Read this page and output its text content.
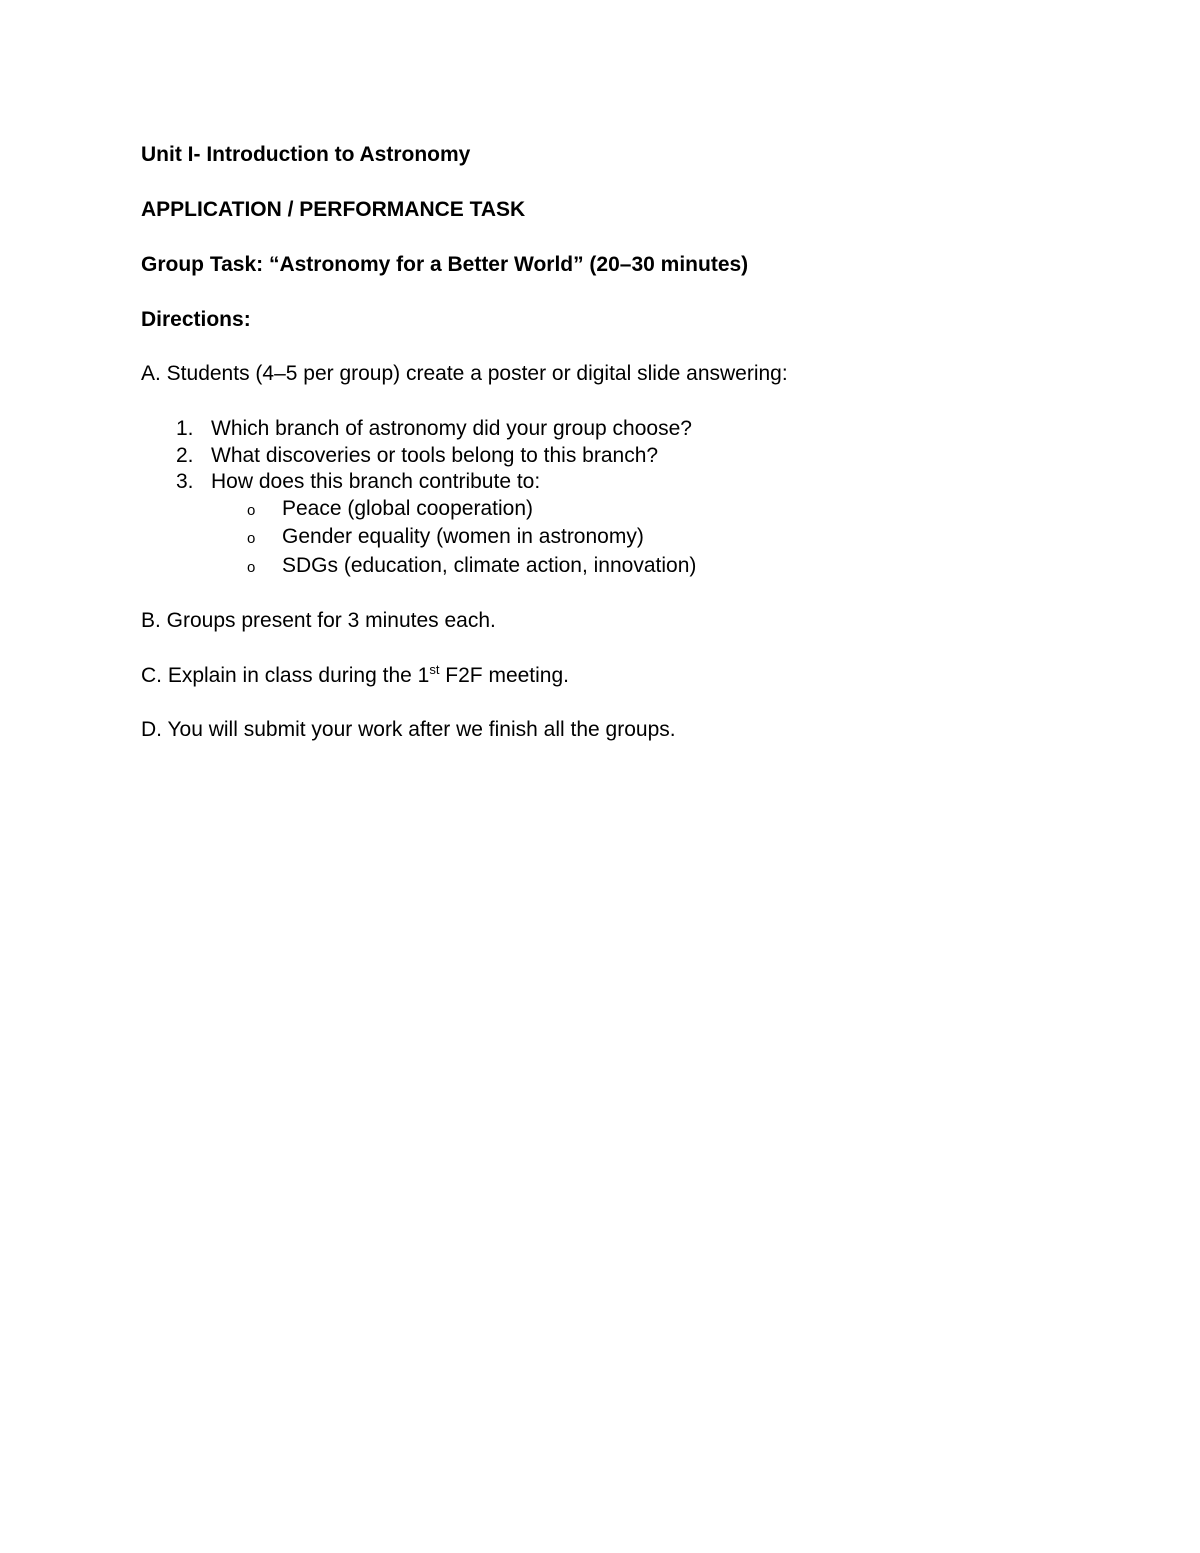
Unit I- Introduction to Astronomy
APPLICATION / PERFORMANCE TASK
Group Task: “Astronomy for a Better World” (20–30 minutes)
Directions:
A. Students (4–5 per group) create a poster or digital slide answering:
1. Which branch of astronomy did your group choose?
2. What discoveries or tools belong to this branch?
3. How does this branch contribute to:
o Peace (global cooperation)
o Gender equality (women in astronomy)
o SDGs (education, climate action, innovation)
B. Groups present for 3 minutes each.
C. Explain in class during the 1st F2F meeting.
D. You will submit your work after we finish all the groups.
